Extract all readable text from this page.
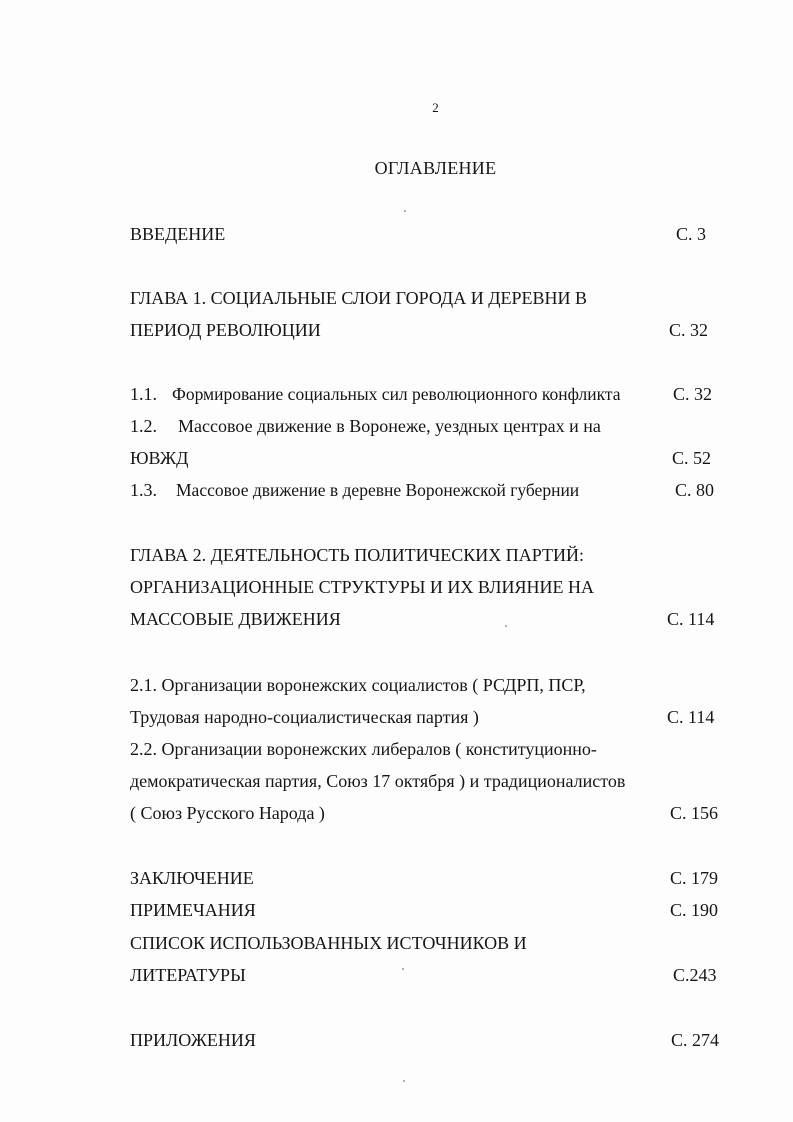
2
ОГЛАВЛЕНИЕ
ВВЕДЕНИЕ	С. 3
ГЛАВА 1. СОЦИАЛЬНЫЕ СЛОИ ГОРОДА И ДЕРЕВНИ В
ПЕРИОД РЕВОЛЮЦИИ	С. 32
1.1. Формирование социальных сил революционного конфликта	С. 32
1.2. Массовое движение в Воронеже, уездных центрах и на
ЮВЖД	С. 52
1.3. Массовое движение в деревне Воронежской губернии	С. 80
ГЛАВА 2. ДЕЯТЕЛЬНОСТЬ ПОЛИТИЧЕСКИХ ПАРТИЙ:
ОРГАНИЗАЦИОННЫЕ СТРУКТУРЫ И ИХ ВЛИЯНИЕ НА
МАССОВЫЕ ДВИЖЕНИЯ	С. 114
2.1. Организации воронежских социалистов ( РСДРП, ПСР,
Трудовая народно-социалистическая партия )	С. 114
2.2. Организации воронежских либералов ( конституционно-
демократическая партия, Союз 17 октября ) и традиционалистов
( Союз Русского Народа )	С. 156
ЗАКЛЮЧЕНИЕ	С. 179
ПРИМЕЧАНИЯ	С. 190
СПИСОК ИСПОЛЬЗОВАННЫХ ИСТОЧНИКОВ И
ЛИТЕРАТУРЫ	С.243
ПРИЛОЖЕНИЯ	С. 274
